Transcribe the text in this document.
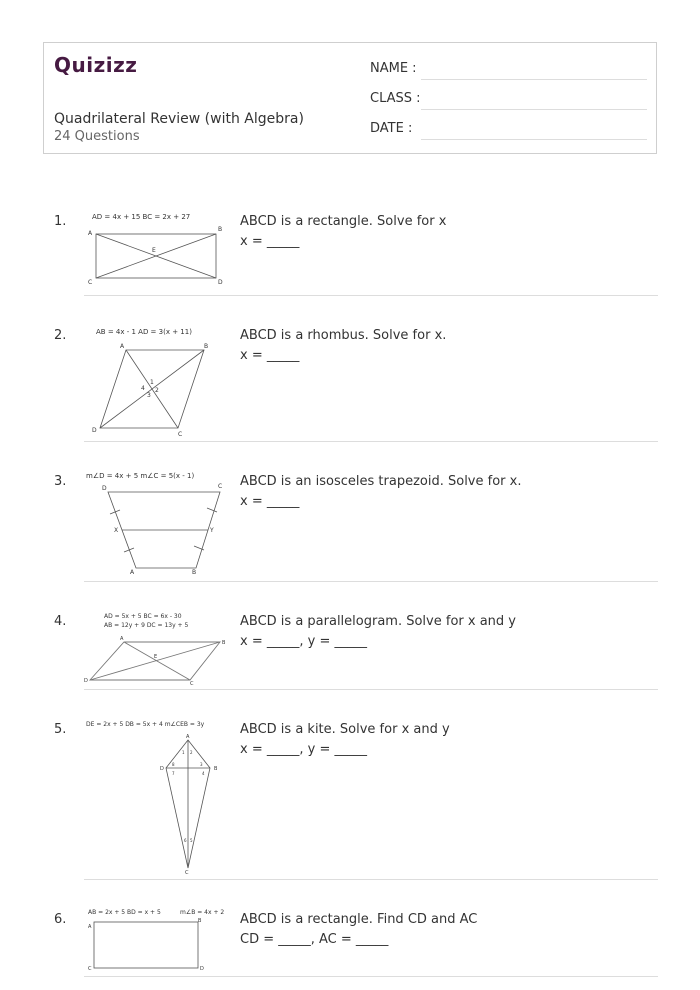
Quizizz
Quadrilateral Review (with Algebra)
24 Questions
NAME :
CLASS :
DATE :
1.	AD = 4x + 15 BC = 2x + 27
A
B
C	D
E
ABCD is a rectangle. Solve for x
x = _____
2.	AB = 4x - 1 AD = 3(x + 11)
A	B
C
D
1
2
3
4
ABCD is a rhombus. Solve for x.
x = _____
3.	m∠D = 4x + 5 m∠C = 5(x - 1)
D	C
A	B
X	Y
ABCD is an isosceles trapezoid. Solve for x.
x = _____
4.	AD = 5x + 5 BC = 6x - 30
AB = 12y + 9 DC = 13y + 5
A
B
C
D
E
ABCD is a parallelogram. Solve for x and y
x = _____, y = _____
5.	DE = 2x + 5 DB = 5x + 4 m∠CEB = 3y
A
B
C
D
1 2
3
4
5
6
7
8
ABCD is a kite. Solve for x and y
x = _____, y = _____
6.	AB = 2x + 5 BD = x + 5	m∠B = 4x + 2
A
B
C	D
ABCD is a rectangle. Find CD and AC
CD = _____, AC = _____
